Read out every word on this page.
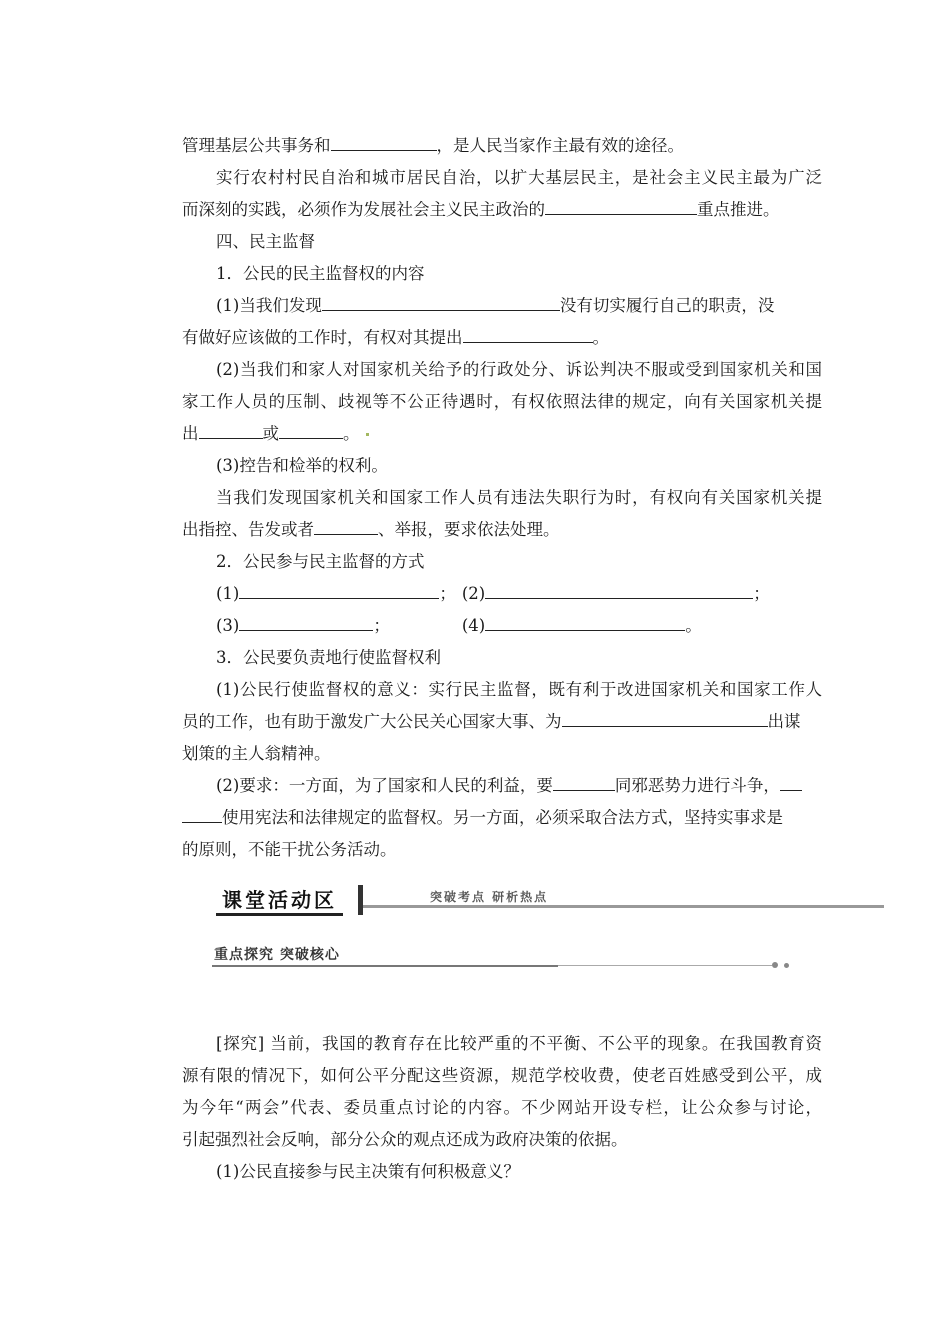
管理基层公共事务和	，是人民当家作主最有效的途径。
实行农村村民自治和城市居民自治，以扩大基层民主，是社会主义民主最为广泛
而深刻的实践，必须作为发展社会主义民主政治的	重点推进。
四、民主监督
1．公民的民主监督权的内容
(1)当我们发现	没有切实履行自己的职责，没
有做好应该做的工作时，有权对其提出	。
(2)当我们和家人对国家机关给予的行政处分、诉讼判决不服或受到国家机关和国
家工作人员的压制、歧视等不公正待遇时，有权依照法律的规定，向有关国家机关提
出	或	。
(3)控告和检举的权利。
当我们发现国家机关和国家工作人员有违法失职行为时，有权向有关国家机关提
出指控、告发或者	、举报，要求依法处理。
2．公民参与民主监督的方式
(1)	； (2)	；
(3)	；	(4)	。
3．公民要负责地行使监督权利
(1)公民行使监督权的意义：实行民主监督，既有利于改进国家机关和国家工作人
员的工作，也有助于激发广大公民关心国家大事、为	出谋
划策的主人翁精神。
(2)要求：一方面，为了国家和人民的利益，要	同邪恶势力进行斗争，
使用宪法和法律规定的监督权。另一方面，必须采取合法方式，坚持实事求是
的原则，不能干扰公务活动。
课堂活动区	突破考点 研析热点
重点探究 突破核心
[探究] 当前，我国的教育存在比较严重的不平衡、不公平的现象。在我国教育资
源有限的情况下，如何公平分配这些资源，规范学校收费，使老百姓感受到公平，成
为今年“两会”代表、委员重点讨论的内容。不少网站开设专栏，让公众参与讨论，
引起强烈社会反响，部分公众的观点还成为政府决策的依据。
(1)公民直接参与民主决策有何积极意义？
